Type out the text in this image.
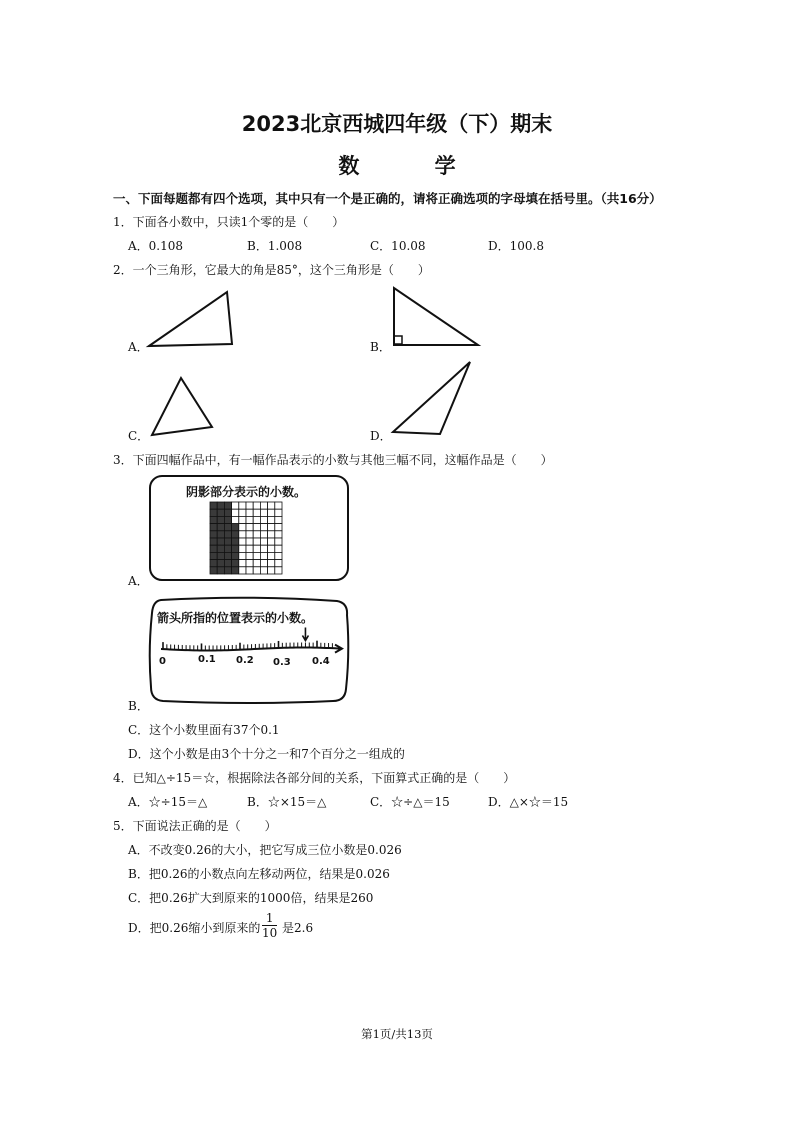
2023北京西城四年级（下）期末
数 学
一、下面每题都有四个选项，其中只有一个是正确的，请将正确选项的字母填在括号里。（共16分）
1．下面各小数中，只读1个零的是（　　）
A．0.108	B．1.008	C．10.08	D．100.8
2．一个三角形，它最大的角是85°，这个三角形是（　　）
A．	B．
C．	D．
3．下面四幅作品中，有一幅作品表示的小数与其他三幅不同，这幅作品是（　　）
阴影部分表示的小数。
A．
箭头所指的位置表示的小数。
0	0.1 0.2 0.3 0.4
B．
C．这个小数里面有37个0.1
D．这个小数是由3个十分之一和7个百分之一组成的
4．已知△÷15＝☆，根据除法各部分间的关系，下面算式正确的是（　　）
A．☆÷15＝△	B．☆×15＝△	C．☆÷△＝15	D．△×☆＝15
5．下面说法正确的是（　　）
A．不改变0.26的大小，把它写成三位小数是0.026
B．把0.26的小数点向左移动两位，结果是0.026
C．把0.26扩大到原来的1000倍，结果是260
D．把0.26缩小到原来的 $\frac{1}{10}$ 是2.6
第1页/共13页
